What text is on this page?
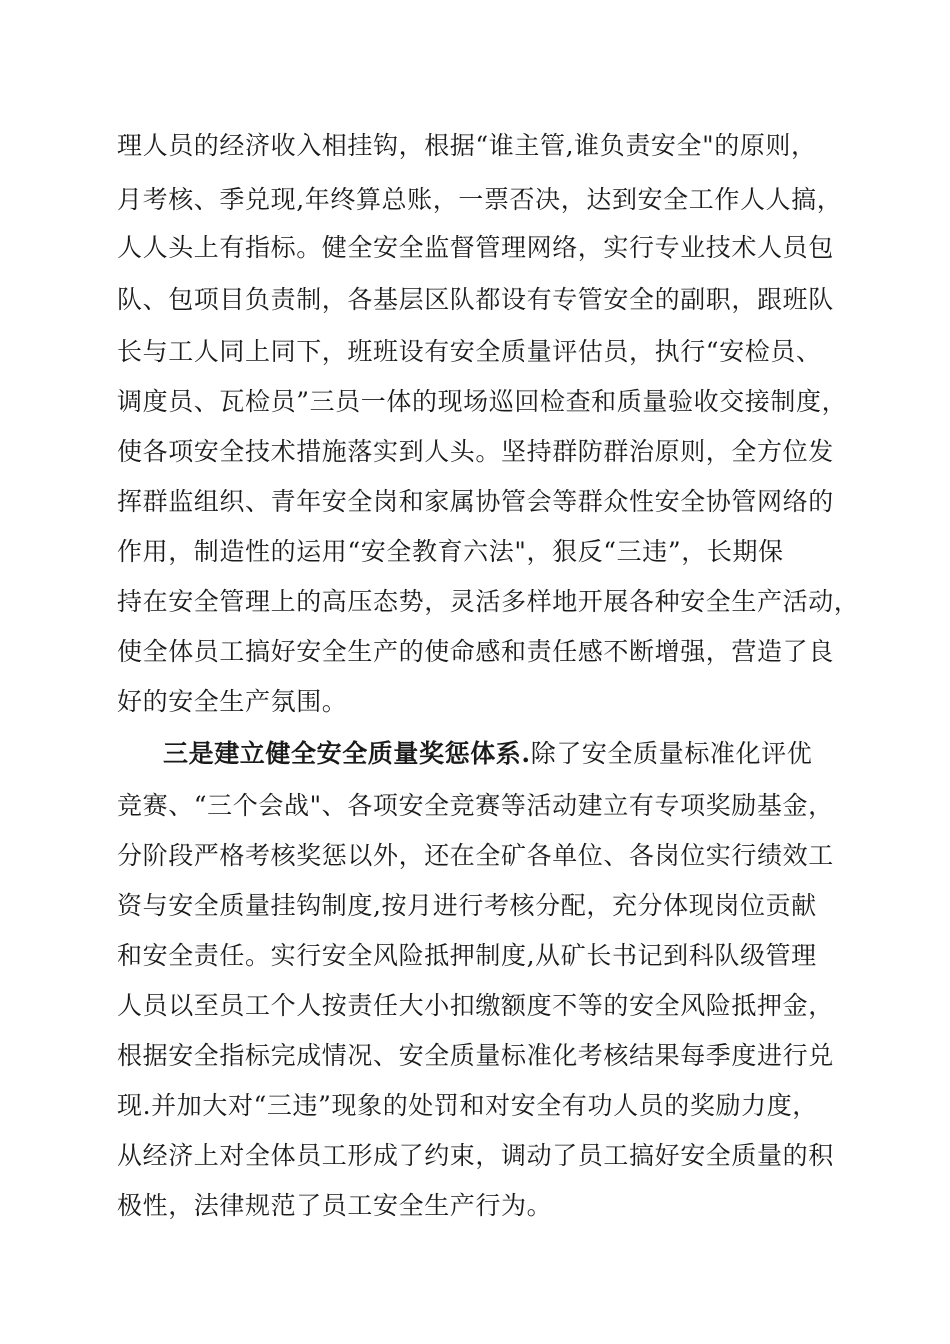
理人员的经济收入相挂钩，根据“谁主管,谁负责安全"的原则，
月考核、季兑现,年终算总账，一票否决，达到安全工作人人搞，
人人头上有指标。健全安全监督管理网络，实行专业技术人员包
队、包项目负责制，各基层区队都设有专管安全的副职，跟班队
长与工人同上同下，班班设有安全质量评估员，执行“安检员、
调度员、瓦检员”三员一体的现场巡回检查和质量验收交接制度，
使各项安全技术措施落实到人头。坚持群防群治原则，全方位发
挥群监组织、青年安全岗和家属协管会等群众性安全协管网络的
作用，制造性的运用“安全教育六法"，狠反“三违”，长期保
持在安全管理上的高压态势，灵活多样地开展各种安全生产活动，
使全体员工搞好安全生产的使命感和责任感不断增强，营造了良
好的安全生产氛围。
三是建立健全安全质量奖惩体系.除了安全质量标准化评优
竞赛、“三个会战"、各项安全竞赛等活动建立有专项奖励基金，
分阶段严格考核奖惩以外，还在全矿各单位、各岗位实行绩效工
资与安全质量挂钩制度,按月进行考核分配，充分体现岗位贡献
和安全责任。实行安全风险抵押制度,从矿长书记到科队级管理
人员以至员工个人按责任大小扣缴额度不等的安全风险抵押金，
根据安全指标完成情况、安全质量标准化考核结果每季度进行兑
现.并加大对“三违”现象的处罚和对安全有功人员的奖励力度，
从经济上对全体员工形成了约束，调动了员工搞好安全质量的积
极性，法律规范了员工安全生产行为。
